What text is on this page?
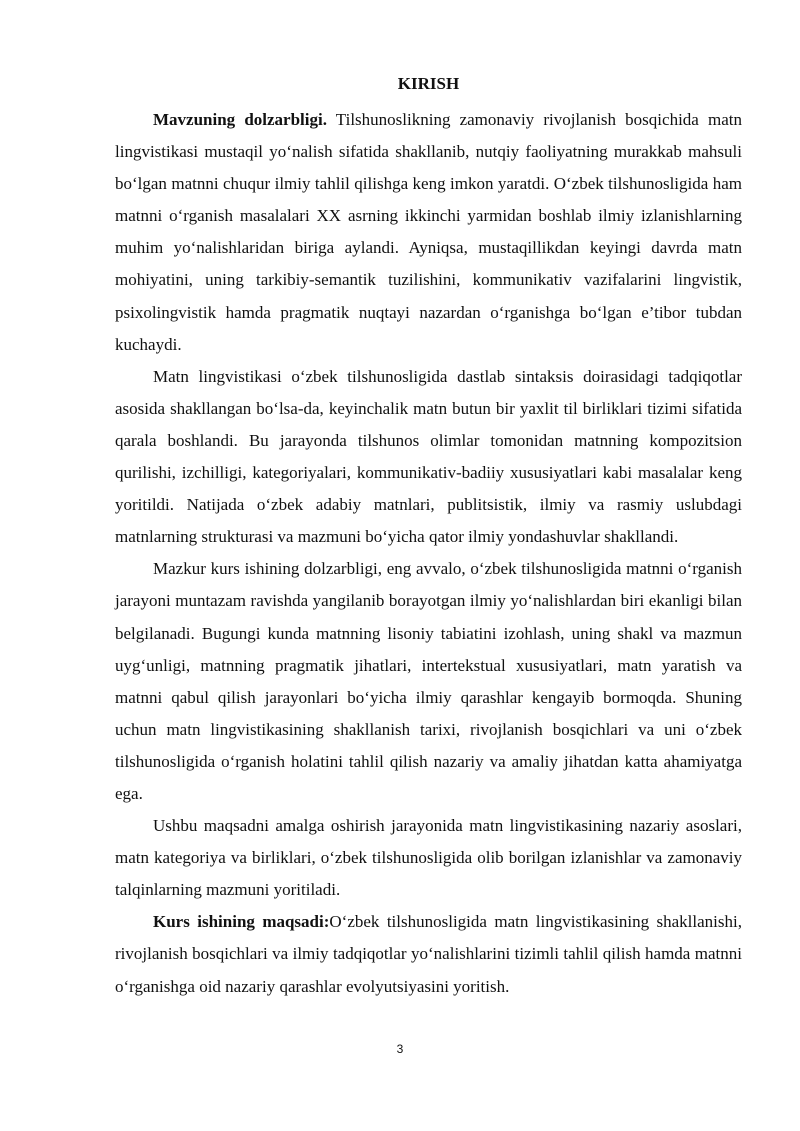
KIRISH

Mavzuning dolzarbligi. Tilshunoslikning zamonaviy rivojlanish bosqichida matn lingvistikasi mustaqil yo‘nalish sifatida shakllanib, nutqiy faoliyatning murakkab mahsuli bo‘lgan matnni chuqur ilmiy tahlil qilishga keng imkon yaratdi. O‘zbek tilshunosligida ham matnni o‘rganish masalalari XX asrning ikkinchi yarmidan boshlab ilmiy izlanishlarning muhim yo‘nalishlaridan biriga aylandi. Ayniqsa, mustaqillikdan keyingi davrda matn mohiyatini, uning tarkibiy-semantik tuzilishini, kommunikativ vazifalarini lingvistik, psixolingvistik hamda pragmatik nuqtayi nazardan o‘rganishga bo‘lgan e’tibor tubdan kuchaydi.

Matn lingvistikasi o‘zbek tilshunosligida dastlab sintaksis doirasidagi tadqiqotlar asosida shakllangan bo‘lsa-da, keyinchalik matn butun bir yaxlit til birliklari tizimi sifatida qarala boshlandi. Bu jarayonda tilshunos olimlar tomonidan matnning kompozitsion qurilishi, izchilligi, kategoriyalari, kommunikativ-badiiy xususiyatlari kabi masalalar keng yoritildi. Natijada o‘zbek adabiy matnlari, publitsistik, ilmiy va rasmiy uslubdagi matnlarning strukturasi va mazmuni bo‘yicha qator ilmiy yondashuvlar shakllandi.

Mazkur kurs ishining dolzarbligi, eng avvalo, o‘zbek tilshunosligida matnni o‘rganish jarayoni muntazam ravishda yangilanib borayotgan ilmiy yo‘nalishlardan biri ekanligi bilan belgilanadi. Bugungi kunda matnning lisoniy tabiatini izohlash, uning shakl va mazmun uyg‘unligi, matnning pragmatik jihatlari, intertekstual xususiyatlari, matn yaratish va matnni qabul qilish jarayonlari bo‘yicha ilmiy qarashlar kengayib bormoqda. Shuning uchun matn lingvistikasining shakllanish tarixi, rivojlanish bosqichlari va uni o‘zbek tilshunosligida o‘rganish holatini tahlil qilish nazariy va amaliy jihatdan katta ahamiyatga ega.

Ushbu maqsadni amalga oshirish jarayonida matn lingvistikasining nazariy asoslari, matn kategoriya va birliklari, o‘zbek tilshunosligida olib borilgan izlanishlar va zamonaviy talqinlarning mazmuni yoritiladi.

Kurs ishining maqsadi:O‘zbek tilshunosligida matn lingvistikasining shakllanishi, rivojlanish bosqichlari va ilmiy tadqiqotlar yo‘nalishlarini tizimli tahlil qilish hamda matnni o‘rganishga oid nazariy qarashlar evolyutsiyasini yoritish.

3
